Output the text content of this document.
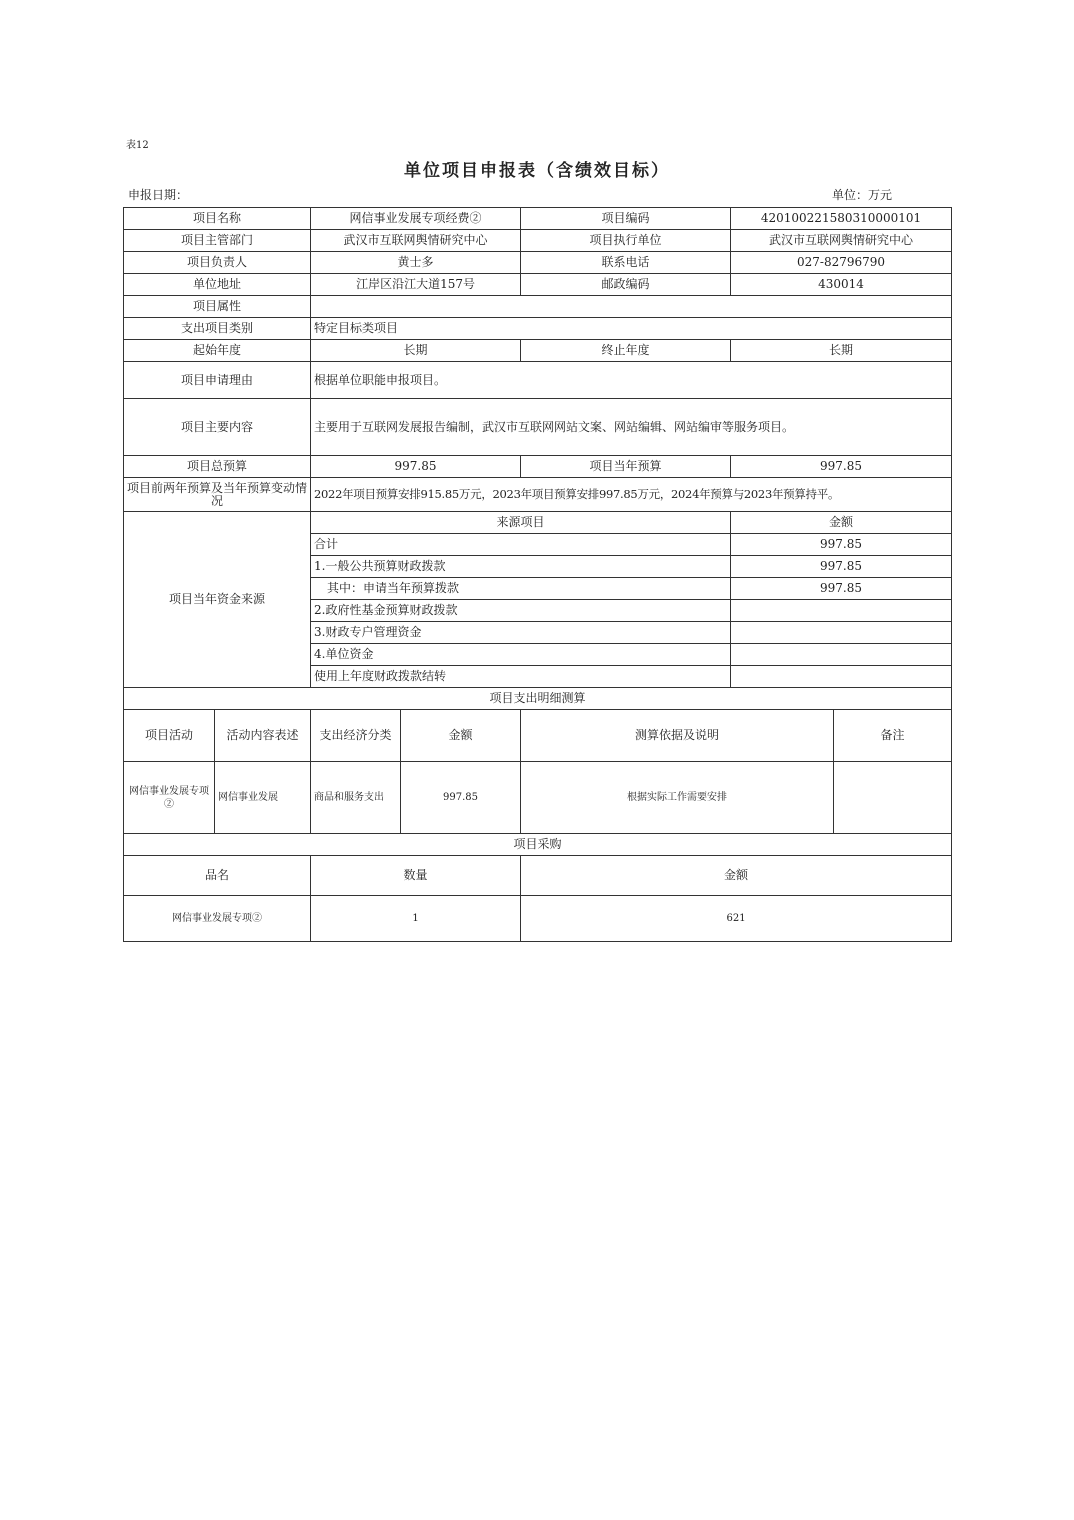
表12
单位项目申报表（含绩效目标）
申报日期：	单位：万元
项目名称		网信事业发展专项经费②		项目编码	420100221580310000101	
项目主管部门		武汉市互联网舆情研究中心		项目执行单位	武汉市互联网舆情研究中心	
项目负责人		黄士多		联系电话	027-82796790	
单位地址		江岸区沿江大道157号		邮政编码	430014	
项目属性						
支出项目类别		特定目标类项目				
起始年度		长期		终止年度	长期	
项目申请理由		根据单位职能申报项目。				
项目主要内容		主要用于互联网发展报告编制，武汉市互联网网站文案、网站编辑、网站编审等服务项目。				
项目总预算		997.85		项目当年预算	997.85	
项目前两年预算及当年预算变动情况		2022年项目预算安排915.85万元，2023年项目预算安排997.85万元，2024年预算与2023年预算持平。				
项目当年资金来源		来源项目			金额	
		合计			997.85	
		1.一般公共预算财政拨款			997.85	
		其中：申请当年预算拨款			997.85	
		2.政府性基金预算财政拨款				
		3.财政专户管理资金				
		4.单位资金				
		使用上年度财政拨款结转				
项目支出明细测算						
项目活动	活动内容表述	支出经济分类	金额	测算依据及说明		备注
网信事业发展专项②	网信事业发展	商品和服务支出	997.85	根据实际工作需要安排		
项目采购						
品名		数量		金额		
网信事业发展专项②		1		621		
